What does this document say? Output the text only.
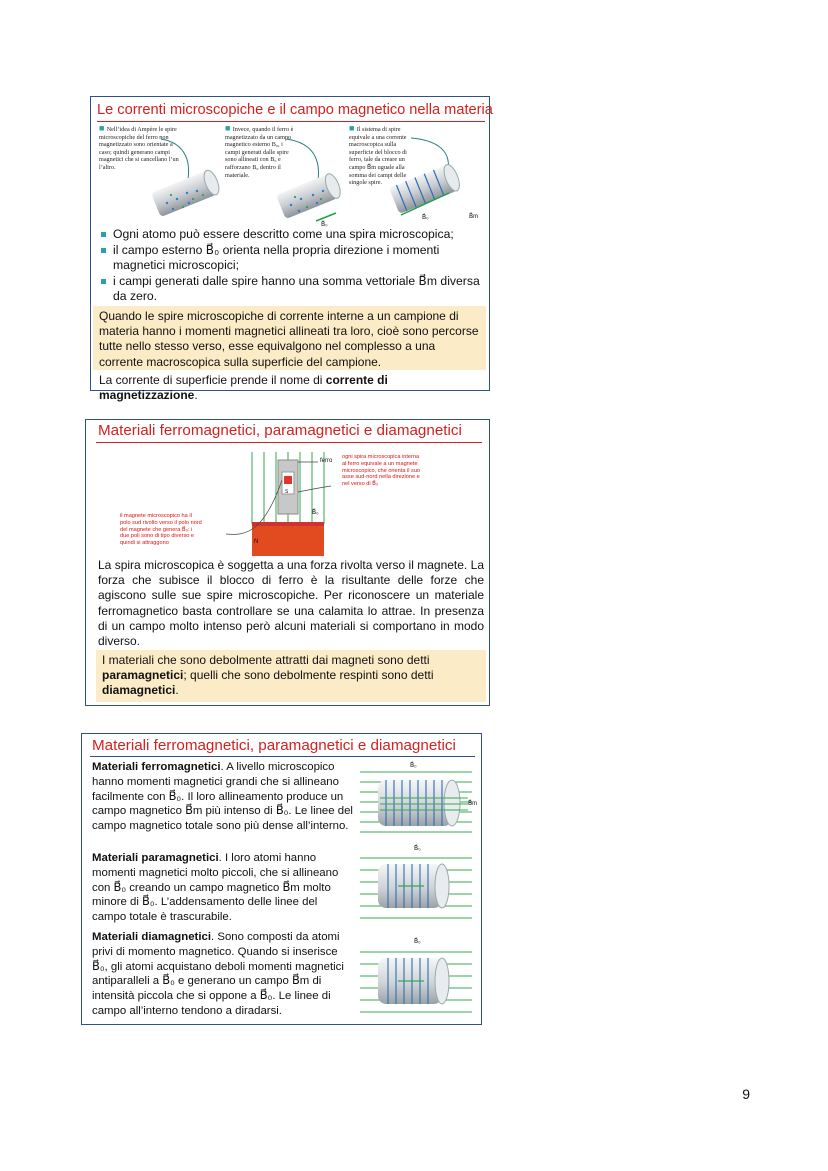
Le correnti microscopiche e il campo magnetico nella materia
■ Nell’idea di Ampère le spire microscopiche del ferro non magnetizzato sono orientate a caso; quindi generano campi magnetici che si cancellano l’un l’altro.
■ Invece, quando il ferro è magnetizzato da un campo magnetico esterno B₀, i campi generati dalle spire sono allineati con B₀ e rafforzano B₀ dentro il materiale.
■ Il sistema di spire equivale a una corrente macroscopica sulla superficie del blocco di ferro, tale da creare un campo B⃗m uguale alla somma dei campi delle singole spire.
B⃗₀
B⃗₀	B⃗m
Ogni atomo può essere descritto come una spira microscopica;
il campo esterno B⃗₀ orienta nella propria direzione i momenti magnetici microscopici;
i campi generati dalle spire hanno una somma vettoriale B⃗m diversa da zero.
Quando le spire microscopiche di corrente interne a un campione di materia hanno i momenti magnetici allineati tra loro, cioè sono percorse tutte nello stesso verso, esse equivalgono nel complesso a una corrente macroscopica sulla superficie del campione.
La corrente di superficie prende il nome di corrente di magnetizzazione.
Materiali ferromagnetici, paramagnetici e diamagnetici
ferro
ogni spira microscopica interna al ferro equivale a un magnete microscopico, che orienta il suo asse sud-nord nella direzione e nel verso di B⃗₀
il magnete microscopico ha il polo sud rivolto verso il polo nord del magnete che genera B⃗₀: i due poli sono di tipo diverso e quindi si attraggono
B⃗₀
N
S
La spira microscopica è soggetta a una forza rivolta verso il magnete. La forza che subisce il blocco di ferro è la risultante delle forze che agiscono sulle sue spire microscopiche. Per riconoscere un materiale ferromagnetico basta controllare se una calamita lo attrae. In presenza di un campo molto intenso però alcuni materiali si comportano in modo diverso.
I materiali che sono debolmente attratti dai magneti sono detti paramagnetici; quelli che sono debolmente respinti sono detti diamagnetici.
Materiali ferromagnetici, paramagnetici e diamagnetici
Materiali ferromagnetici. A livello microscopico hanno momenti magnetici grandi che si allineano facilmente con B⃗₀. Il loro allineamento produce un campo magnetico B⃗m più intenso di B⃗₀. Le linee del campo magnetico totale sono più dense all’interno.
Materiali paramagnetici. I loro atomi hanno momenti magnetici molto piccoli, che si allineano con B⃗₀ creando un campo magnetico B⃗m molto minore di B⃗₀. L’addensamento delle linee del campo totale è trascurabile.
Materiali diamagnetici. Sono composti da atomi privi di momento magnetico. Quando si inserisce B⃗₀, gli atomi acquistano deboli momenti magnetici antiparalleli a B⃗₀ e generano un campo B⃗m di intensità piccola che si oppone a B⃗₀. Le linee di campo all’interno tendono a diradarsi.
B⃗₀
B⃗m
B⃗₀
B⃗₀
9
